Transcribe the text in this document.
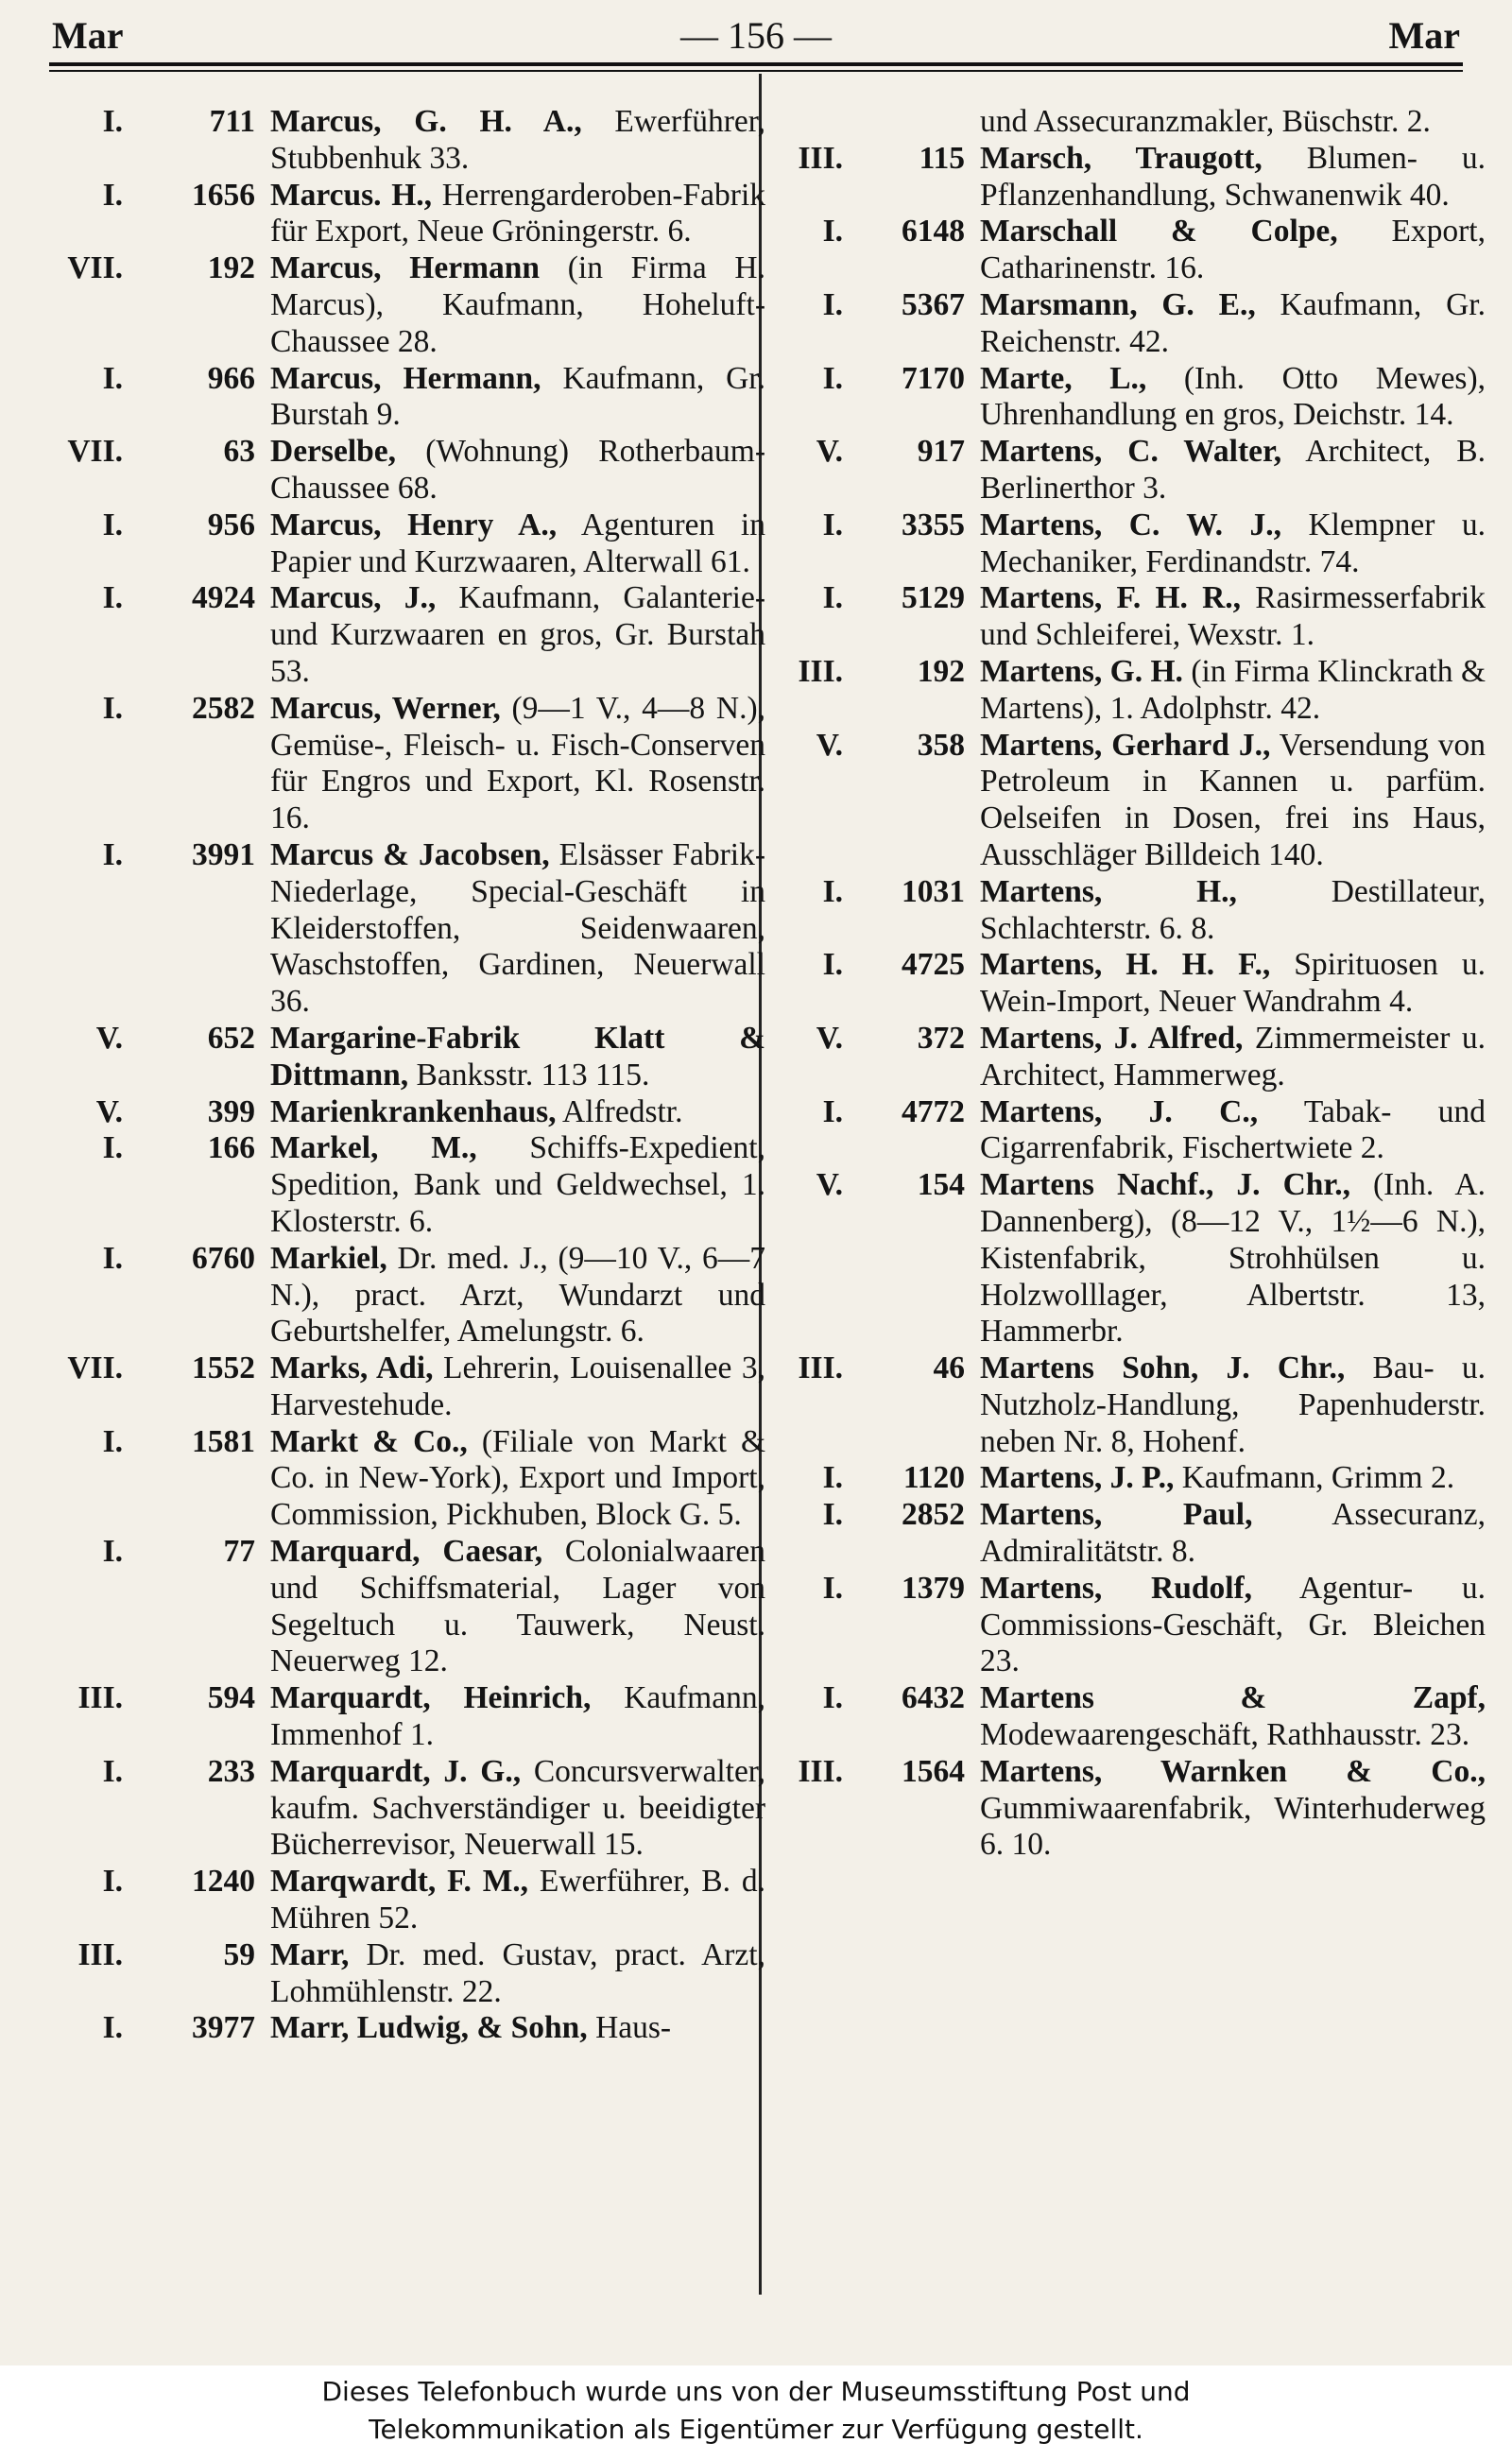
Mar	— 156 —	Mar
I.	711 Marcus, G. H. A., Ewerführer, Stubbenhuk 33.
I.	1656 Marcus. H., Herrengarderoben-Fabrik für Export, Neue Gröningerstr. 6.
VII.	192 Marcus, Hermann (in Firma H. Marcus), Kaufmann, Hoheluft-Chaussee 28.
I.	966 Marcus, Hermann, Kaufmann, Gr. Burstah 9.
VII.	63 Derselbe, (Wohnung) Rotherbaum-Chaussee 68.
I.	956 Marcus, Henry A., Agenturen in Papier und Kurzwaaren, Alterwall 61.
I.	4924 Marcus, J., Kaufmann, Galanterie- und Kurzwaaren en gros, Gr. Burstah 53.
I.	2582 Marcus, Werner, (9—1 V., 4—8 N.), Gemüse-, Fleisch- u. Fisch-Conserven für Engros und Export, Kl. Rosenstr. 16.
I.	3991 Marcus & Jacobsen, Elsässer Fabrik-Niederlage, Special-Geschäft in Kleiderstoffen, Seidenwaaren, Waschstoffen, Gardinen, Neuerwall 36.
V.	652 Margarine-Fabrik Klatt & Dittmann, Banksstr. 113 115.
V.	399 Marienkrankenhaus, Alfredstr.
I.	166 Markel, M., Schiffs-Expedient, Spedition, Bank und Geldwechsel, 1. Klosterstr. 6.
I.	6760 Markiel, Dr. med. J., (9—10 V., 6—7 N.), pract. Arzt, Wundarzt und Geburtshelfer, Amelungstr. 6.
VII.	1552 Marks, Adi, Lehrerin, Louisenallee 3, Harvestehude.
I.	1581 Markt & Co., (Filiale von Markt & Co. in New-York), Export und Import, Commission, Pickhuben, Block G. 5.
I.	77 Marquard, Caesar, Colonialwaaren und Schiffsmaterial, Lager von Segeltuch u. Tauwerk, Neust. Neuerweg 12.
III.	594 Marquardt, Heinrich, Kaufmann, Immenhof 1.
I.	233 Marquardt, J. G., Concursverwalter, kaufm. Sachverständiger u. beeidigter Bücherrevisor, Neuerwall 15.
I.	1240 Marqwardt, F. M., Ewerführer, B. d. Mühren 52.
III.	59 Marr, Dr. med. Gustav, pract. Arzt, Lohmühlenstr. 22.
I.	3977 Marr, Ludwig, & Sohn, Haus-
und Assecuranzmakler, Büschstr. 2.
III.	115 Marsch, Traugott, Blumen- u. Pflanzenhandlung, Schwanenwik 40.
I.	6148 Marschall & Colpe, Export, Catharinenstr. 16.
I.	5367 Marsmann, G. E., Kaufmann, Gr. Reichenstr. 42.
I.	7170 Marte, L., (Inh. Otto Mewes), Uhrenhandlung en gros, Deichstr. 14.
V.	917 Martens, C. Walter, Architect, B. Berlinerthor 3.
I.	3355 Martens, C. W. J., Klempner u. Mechaniker, Ferdinandstr. 74.
I.	5129 Martens, F. H. R., Rasirmesserfabrik und Schleiferei, Wexstr. 1.
III.	192 Martens, G. H. (in Firma Klinckrath & Martens), 1. Adolphstr. 42.
V.	358 Martens, Gerhard J., Versendung von Petroleum in Kannen u. parfüm. Oelseifen in Dosen, frei ins Haus, Ausschläger Billdeich 140.
I.	1031 Martens, H., Destillateur, Schlachterstr. 6. 8.
I.	4725 Martens, H. H. F., Spirituosen u. Wein-Import, Neuer Wandrahm 4.
V.	372 Martens, J. Alfred, Zimmermeister u. Architect, Hammerweg.
I.	4772 Martens, J. C., Tabak- und Cigarrenfabrik, Fischertwiete 2.
V.	154 Martens Nachf., J. Chr., (Inh. A. Dannenberg), (8—12 V., 1½—6 N.), Kistenfabrik, Strohhülsen u. Holzwolllager, Albertstr. 13, Hammerbr.
III.	46 Martens Sohn, J. Chr., Bau- u. Nutzholz-Handlung, Papenhuderstr. neben Nr. 8, Hohenf.
I.	1120 Martens, J. P., Kaufmann, Grimm 2.
I.	2852 Martens, Paul, Assecuranz, Admiralitätstr. 8.
I.	1379 Martens, Rudolf, Agentur- u. Commissions-Geschäft, Gr. Bleichen 23.
I.	6432 Martens & Zapf, Modewaarengeschäft, Rathhausstr. 23.
III.	1564 Martens, Warnken & Co., Gummiwaarenfabrik, Winterhuderweg 6. 10.
Dieses Telefonbuch wurde uns von der Museumsstiftung Post und
Telekommunikation als Eigentümer zur Verfügung gestellt.
